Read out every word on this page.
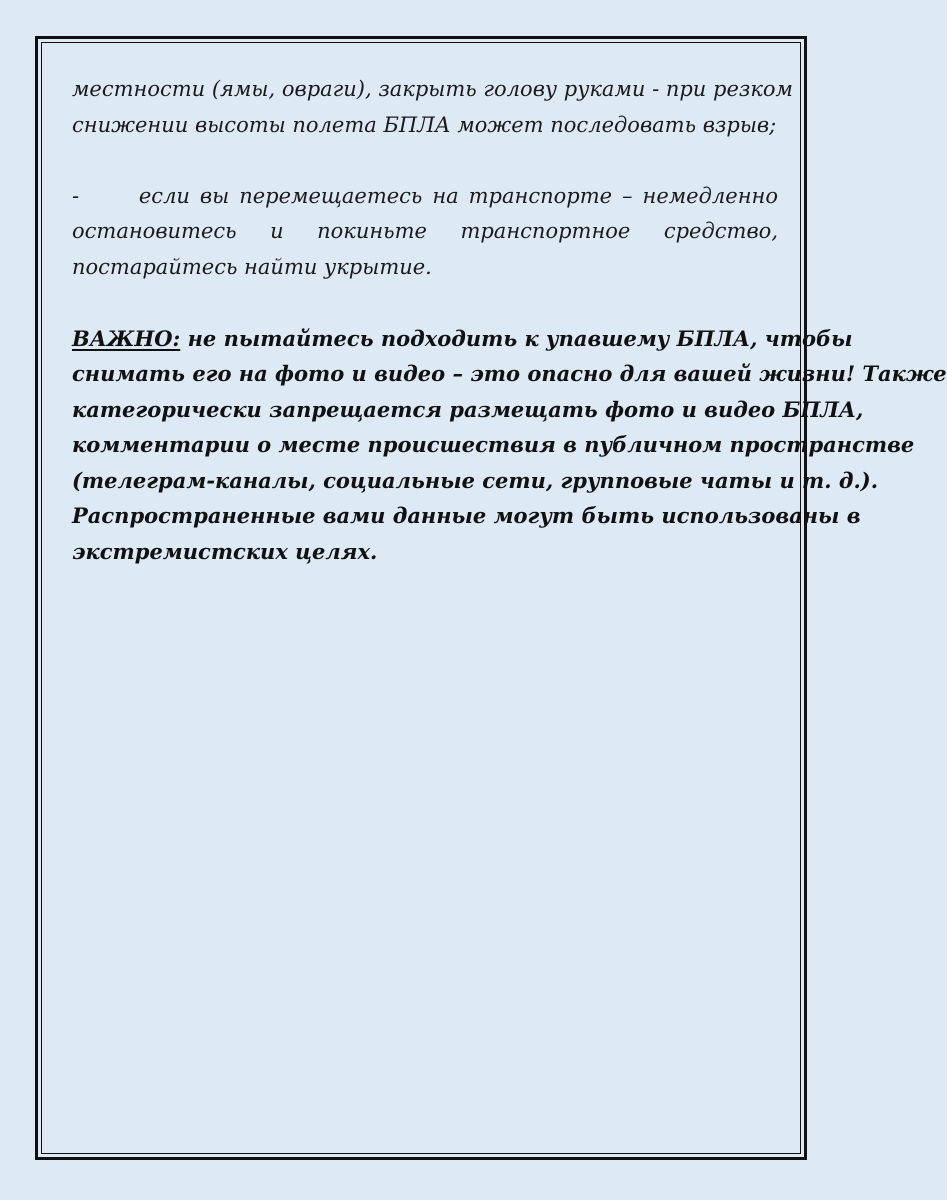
местности (ямы, овраги), закрыть голову руками - при резком
снижении высоты полета БПЛА может последовать взрыв;

-	если вы перемещаетесь на транспорте – немедленно
остановитесь и покиньте транспортное средство,
постарайтесь найти укрытие.

ВАЖНО: не пытайтесь подходить к упавшему БПЛА, чтобы
снимать его на фото и видео – это опасно для вашей жизни! Также
категорически запрещается размещать фото и видео БПЛА,
комментарии о месте происшествия в публичном пространстве
(телеграм-каналы, социальные сети, групповые чаты и т. д.).
Распространенные вами данные могут быть использованы в
экстремистских целях.
